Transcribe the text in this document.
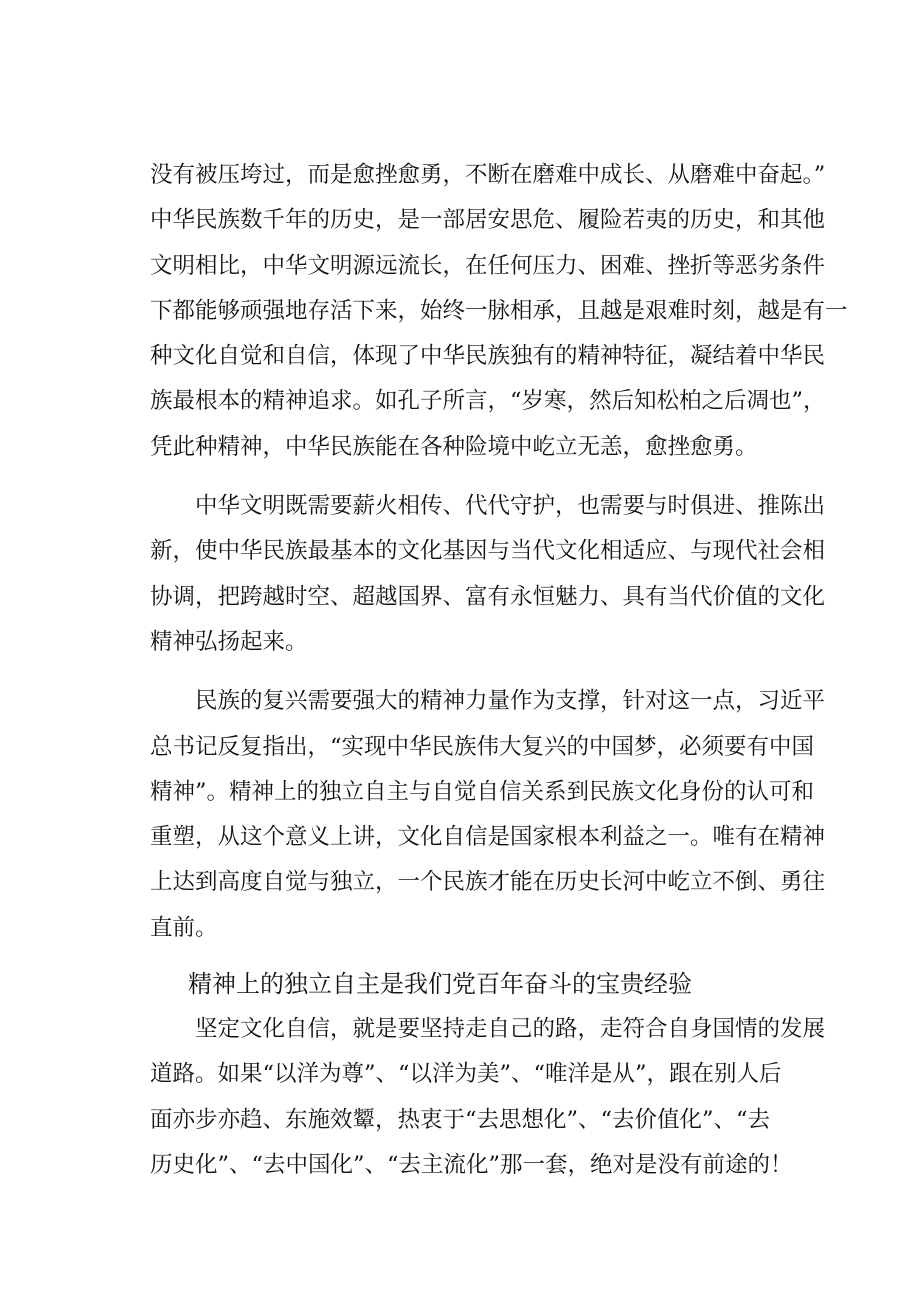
没有被压垮过，而是愈挫愈勇，不断在磨难中成长、从磨难中奋起。”
中华民族数千年的历史，是一部居安思危、履险若夷的历史，和其他
文明相比，中华文明源远流长，在任何压力、困难、挫折等恶劣条件
下都能够顽强地存活下来，始终一脉相承，且越是艰难时刻，越是有一
种文化自觉和自信，体现了中华民族独有的精神特征，凝结着中华民
族最根本的精神追求。如孔子所言，“岁寒，然后知松柏之后凋也”，
凭此种精神，中华民族能在各种险境中屹立无恙，愈挫愈勇。
中华文明既需要薪火相传、代代守护，也需要与时俱进、推陈出
新，使中华民族最基本的文化基因与当代文化相适应、与现代社会相
协调，把跨越时空、超越国界、富有永恒魅力、具有当代价值的文化
精神弘扬起来。
民族的复兴需要强大的精神力量作为支撑，针对这一点，习近平
总书记反复指出，“实现中华民族伟大复兴的中国梦，必须要有中国
精神”。精神上的独立自主与自觉自信关系到民族文化身份的认可和
重塑，从这个意义上讲，文化自信是国家根本利益之一。唯有在精神
上达到高度自觉与独立，一个民族才能在历史长河中屹立不倒、勇往
直前。
精神上的独立自主是我们党百年奋斗的宝贵经验
坚定文化自信，就是要坚持走自己的路，走符合自身国情的发展
道路。如果“以洋为尊”、“以洋为美”、“唯洋是从”，跟在别人后
面亦步亦趋、东施效颦，热衷于“去思想化”、“去价值化”、“去
历史化”、“去中国化”、“去主流化”那一套，绝对是没有前途的！
